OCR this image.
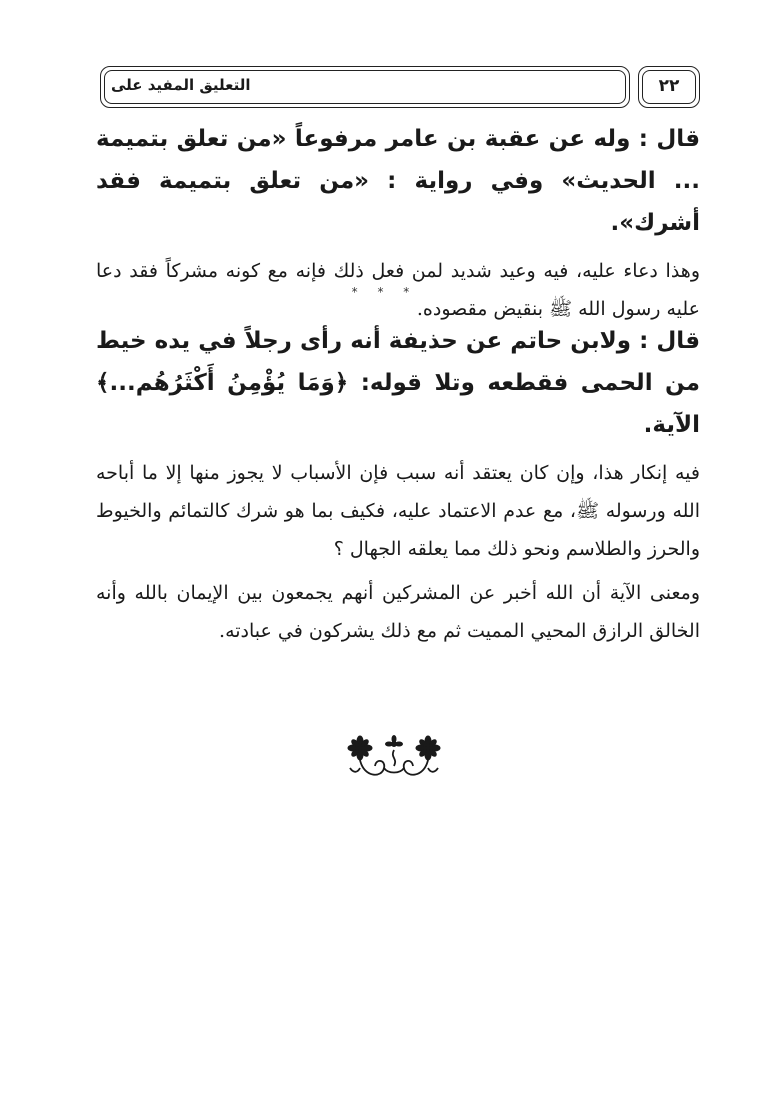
التعليق المفيد على	٢٢

قال : وله عن عقبة بن عامر مرفوعاً «من تعلق بتميمة ... الحديث» وفي رواية : «من تعلق بتميمة فقد أشرك».

وهذا دعاء عليه، فيه وعيد شديد لمن فعل ذلك فإنه مع كونه مشركاً فقد دعا عليه رسول الله ﷺ بنقيض مقصوده.

* * *

قال : ولابن حاتم عن حذيفة أنه رأى رجلاً في يده خيط من الحمى فقطعه وتلا قوله: ﴿وَمَا يُؤْمِنُ أَكْثَرُهُم...﴾ الآية.

فيه إنكار هذا، وإن كان يعتقد أنه سبب فإن الأسباب لا يجوز منها إلا ما أباحه الله ورسوله ﷺ، مع عدم الاعتماد عليه، فكيف بما هو شرك كالتمائم والخيوط والحرز والطلاسم ونحو ذلك مما يعلقه الجهال ؟

ومعنى الآية أن الله أخبر عن المشركين أنهم يجمعون بين الإيمان بالله وأنه الخالق الرازق المحيي المميت ثم مع ذلك يشركون في عبادته.
